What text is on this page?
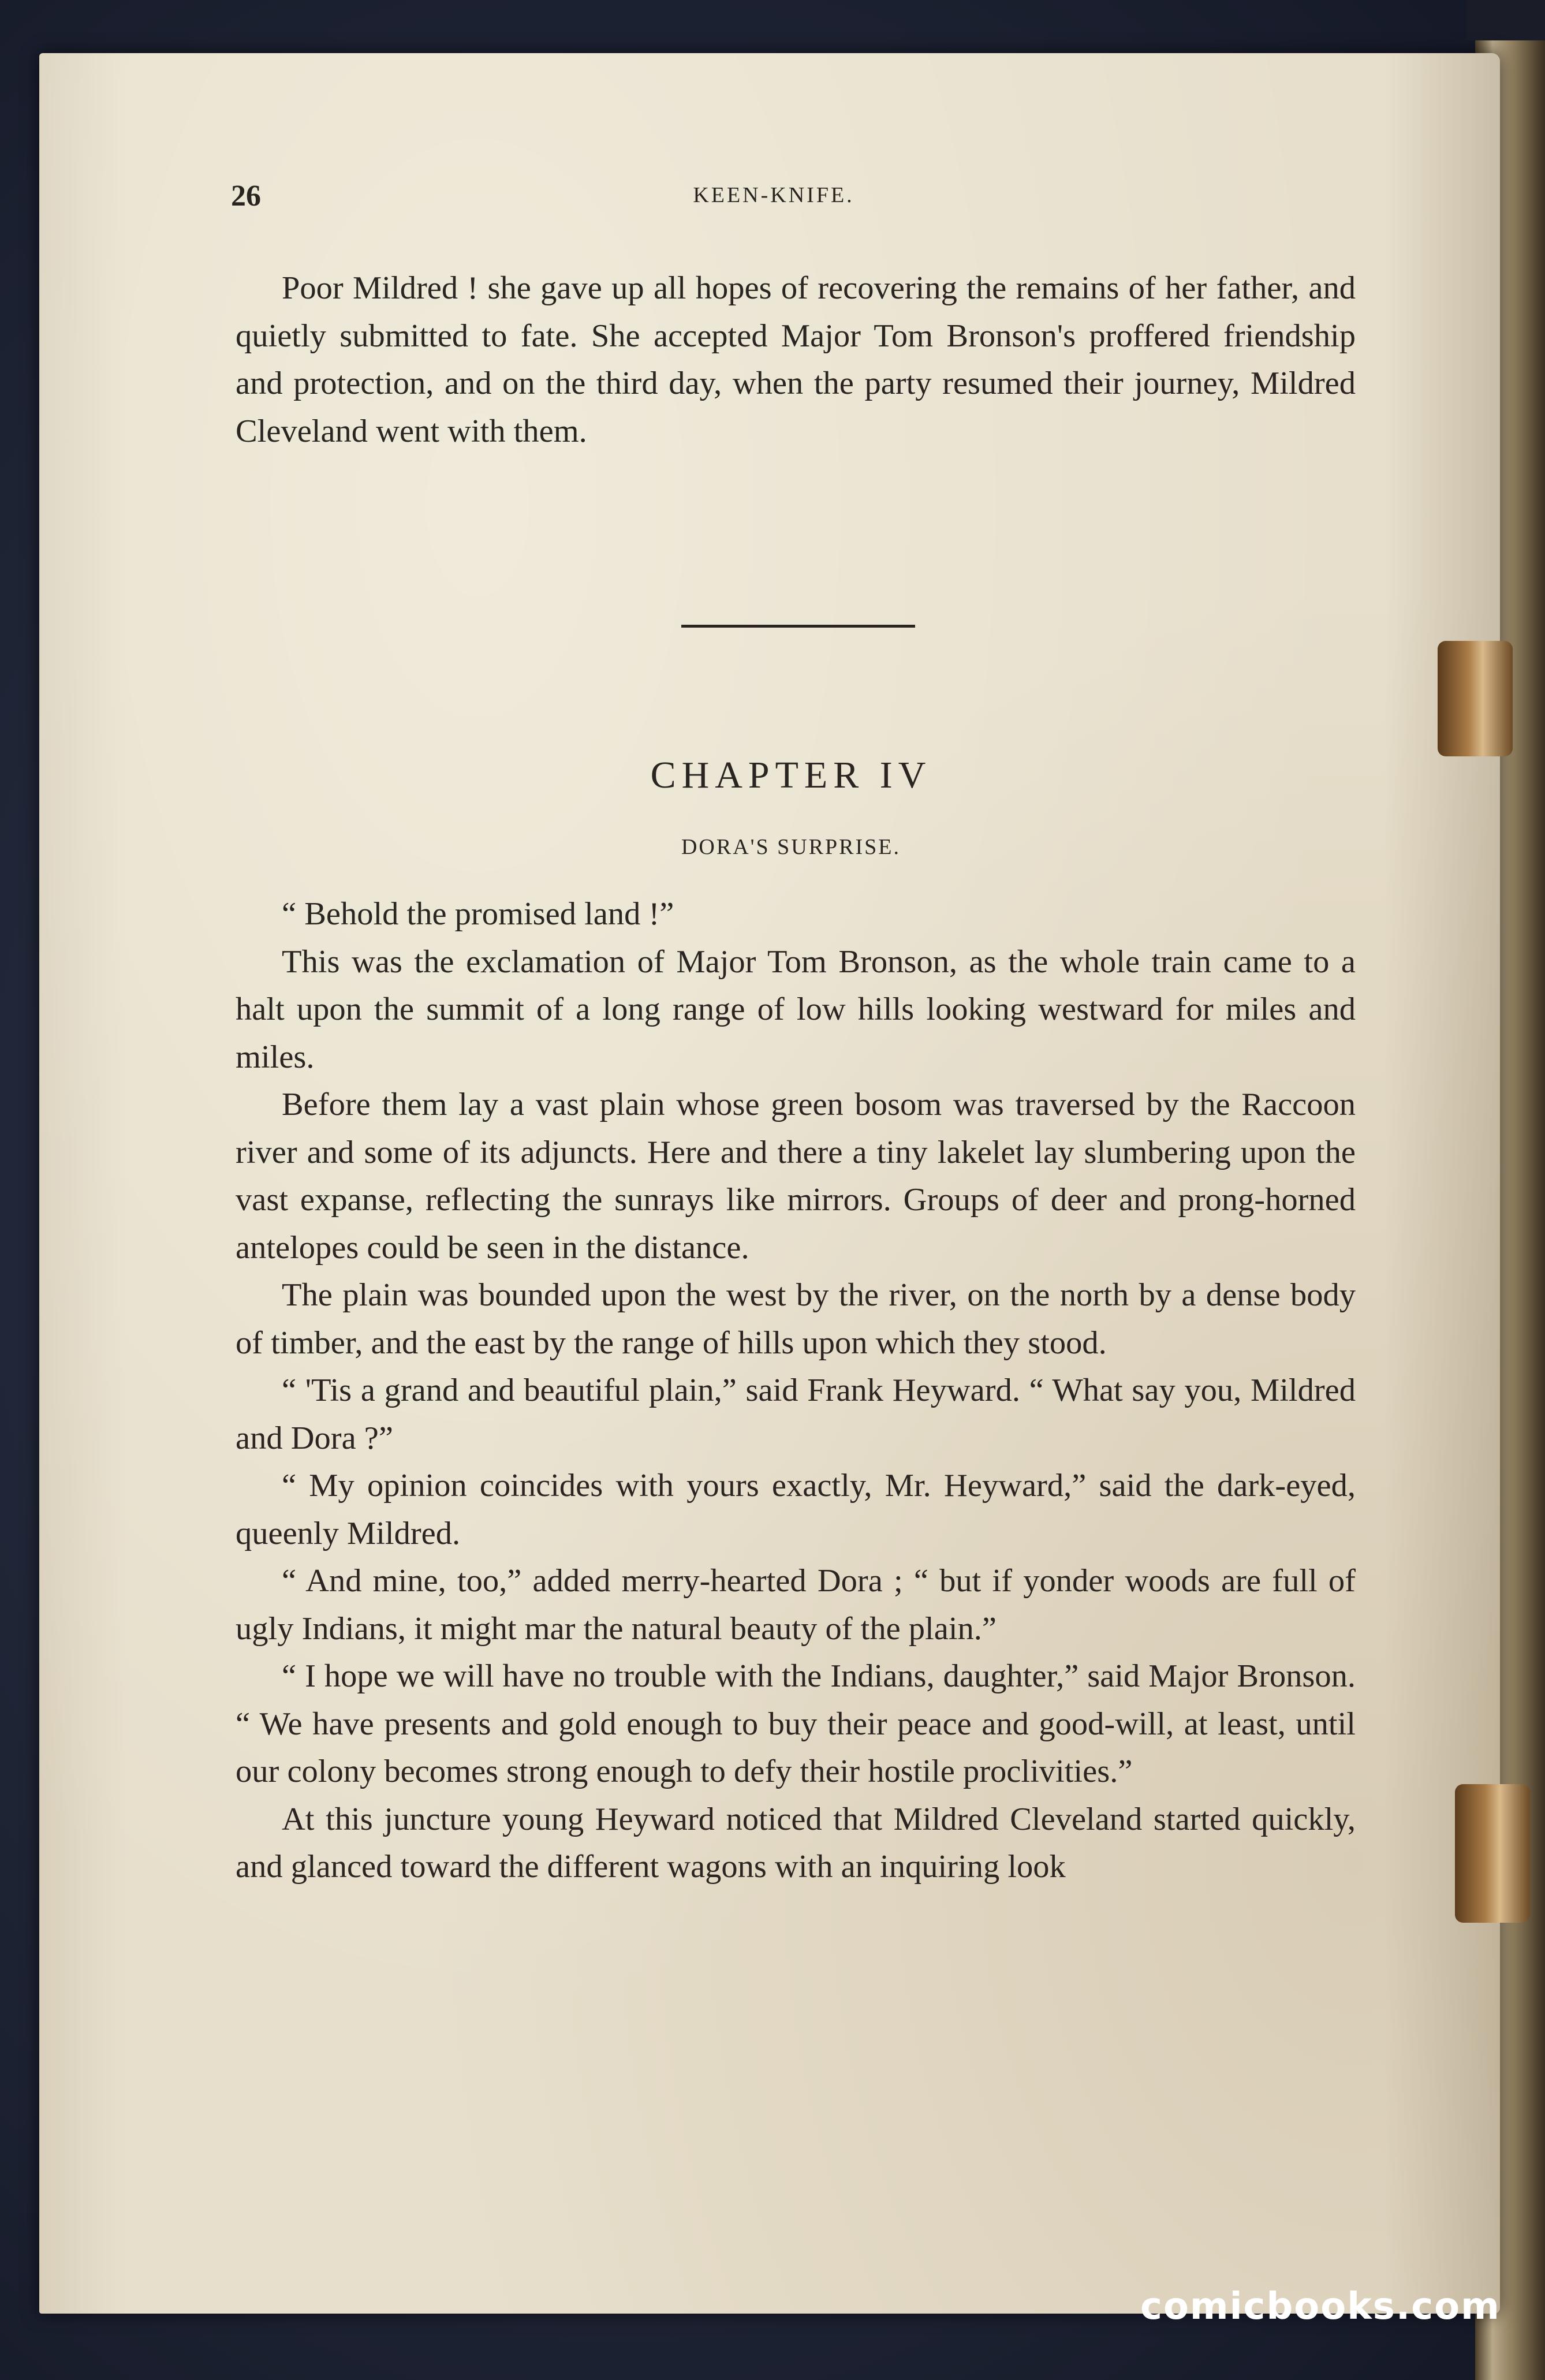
26	KEEN-KNIFE.

Poor Mildred ! she gave up all hopes of recovering the remains of her father, and quietly submitted to fate. She accepted Major Tom Bronson's proffered friendship and protection, and on the third day, when the party resumed their journey, Mildred Cleveland went with them.

CHAPTER IV
DORA'S SURPRISE.

“ Behold the promised land !”

This was the exclamation of Major Tom Bronson, as the whole train came to a halt upon the summit of a long range of low hills looking westward for miles and miles.

Before them lay a vast plain whose green bosom was traversed by the Raccoon river and some of its adjuncts. Here and there a tiny lakelet lay slumbering upon the vast expanse, reflecting the sunrays like mirrors. Groups of deer and prong-horned antelopes could be seen in the distance.

The plain was bounded upon the west by the river, on the north by a dense body of timber, and the east by the range of hills upon which they stood.

“ 'Tis a grand and beautiful plain,” said Frank Heyward. “ What say you, Mildred and Dora ?”

“ My opinion coincides with yours exactly, Mr. Heyward,” said the dark-eyed, queenly Mildred.

“ And mine, too,” added merry-hearted Dora ; “ but if yonder woods are full of ugly Indians, it might mar the natural beauty of the plain.”

“ I hope we will have no trouble with the Indians, daughter,” said Major Bronson. “ We have presents and gold enough to buy their peace and good-will, at least, until our colony becomes strong enough to defy their hostile proclivities.”

At this juncture young Heyward noticed that Mildred Cleveland started quickly, and glanced toward the different wagons with an inquiring look

comicbooks.com
